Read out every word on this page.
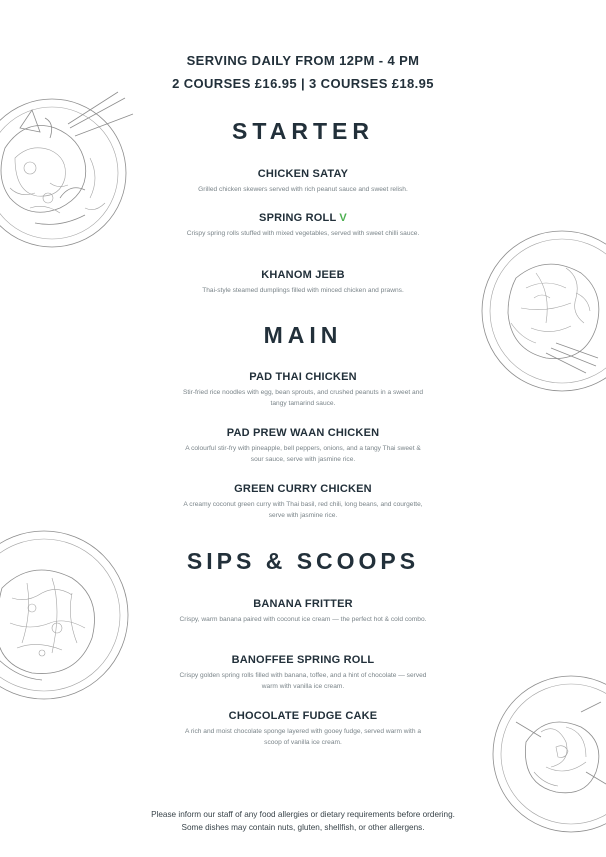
SERVING DAILY FROM 12PM - 4 PM
2 COURSES £16.95 | 3 COURSES £18.95
STARTER
CHICKEN SATAY
Grilled chicken skewers served with rich peanut sauce and sweet relish.
SPRING ROLL V
Crispy spring rolls stuffed with mixed vegetables, served with sweet chilli sauce.
KHANOM JEEB
Thai-style steamed dumplings filled with minced chicken and prawns.
MAIN
PAD THAI CHICKEN
Stir-fried rice noodles with egg, bean sprouts, and crushed peanuts in a sweet and tangy tamarind sauce.
PAD PREW WAAN CHICKEN
A colourful stir-fry with pineapple, bell peppers, onions, and a tangy Thai sweet & sour sauce, serve with jasmine rice.
GREEN CURRY CHICKEN
A creamy coconut green curry with Thai basil, red chili, long beans, and courgette, serve with jasmine rice.
SIPS & SCOOPS
BANANA FRITTER
Crispy, warm banana paired with coconut ice cream — the perfect hot & cold combo.
BANOFFEE SPRING ROLL
Crispy golden spring rolls filled with banana, toffee, and a hint of chocolate — served warm with vanilla ice cream.
CHOCOLATE FUDGE CAKE
A rich and moist chocolate sponge layered with gooey fudge, served warm with a scoop of vanilla ice cream.
Please inform our staff of any food allergies or dietary requirements before ordering.
Some dishes may contain nuts, gluten, shellfish, or other allergens.
